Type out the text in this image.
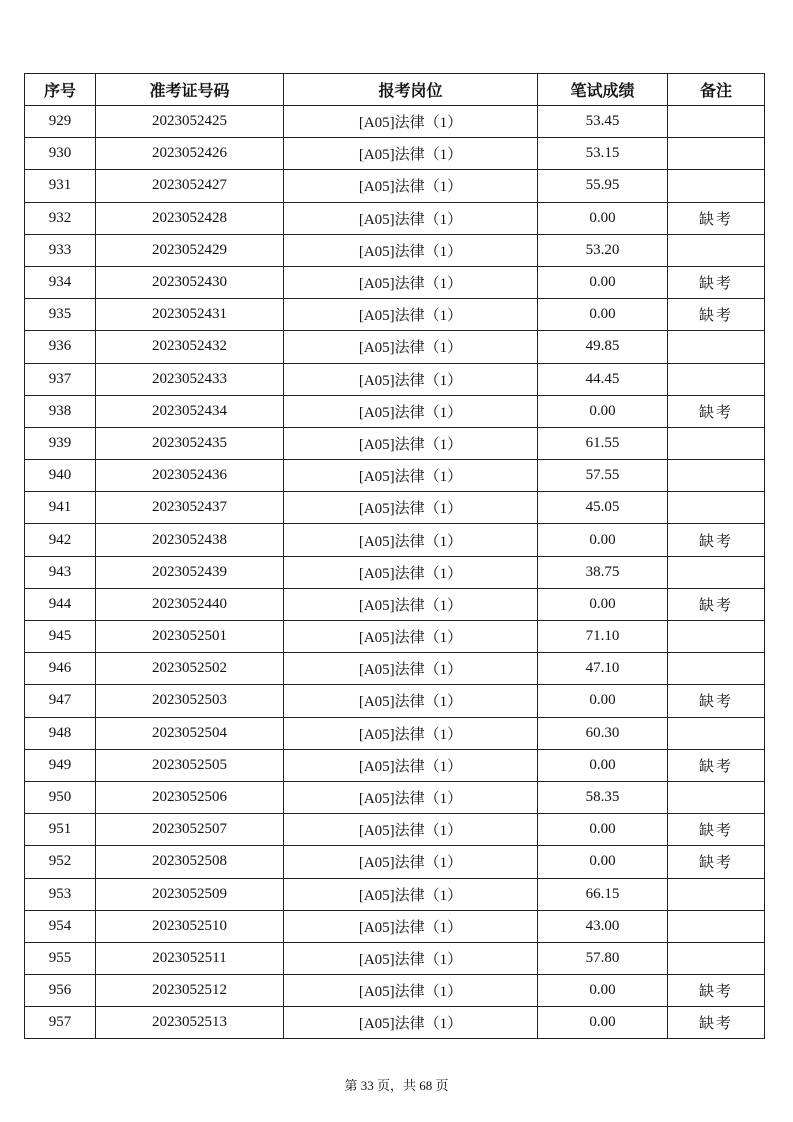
序号	准考证号码	报考岗位	笔试成绩	备注
929	2023052425	[A05]法律（1）	53.45	
930	2023052426	[A05]法律（1）	53.15	
931	2023052427	[A05]法律（1）	55.95	
932	2023052428	[A05]法律（1）	0.00	缺考
933	2023052429	[A05]法律（1）	53.20	
934	2023052430	[A05]法律（1）	0.00	缺考
935	2023052431	[A05]法律（1）	0.00	缺考
936	2023052432	[A05]法律（1）	49.85	
937	2023052433	[A05]法律（1）	44.45	
938	2023052434	[A05]法律（1）	0.00	缺考
939	2023052435	[A05]法律（1）	61.55	
940	2023052436	[A05]法律（1）	57.55	
941	2023052437	[A05]法律（1）	45.05	
942	2023052438	[A05]法律（1）	0.00	缺考
943	2023052439	[A05]法律（1）	38.75	
944	2023052440	[A05]法律（1）	0.00	缺考
945	2023052501	[A05]法律（1）	71.10	
946	2023052502	[A05]法律（1）	47.10	
947	2023052503	[A05]法律（1）	0.00	缺考
948	2023052504	[A05]法律（1）	60.30	
949	2023052505	[A05]法律（1）	0.00	缺考
950	2023052506	[A05]法律（1）	58.35	
951	2023052507	[A05]法律（1）	0.00	缺考
952	2023052508	[A05]法律（1）	0.00	缺考
953	2023052509	[A05]法律（1）	66.15	
954	2023052510	[A05]法律（1）	43.00	
955	2023052511	[A05]法律（1）	57.80	
956	2023052512	[A05]法律（1）	0.00	缺考
957	2023052513	[A05]法律（1）	0.00	缺考
第 33 页，共 68 页
